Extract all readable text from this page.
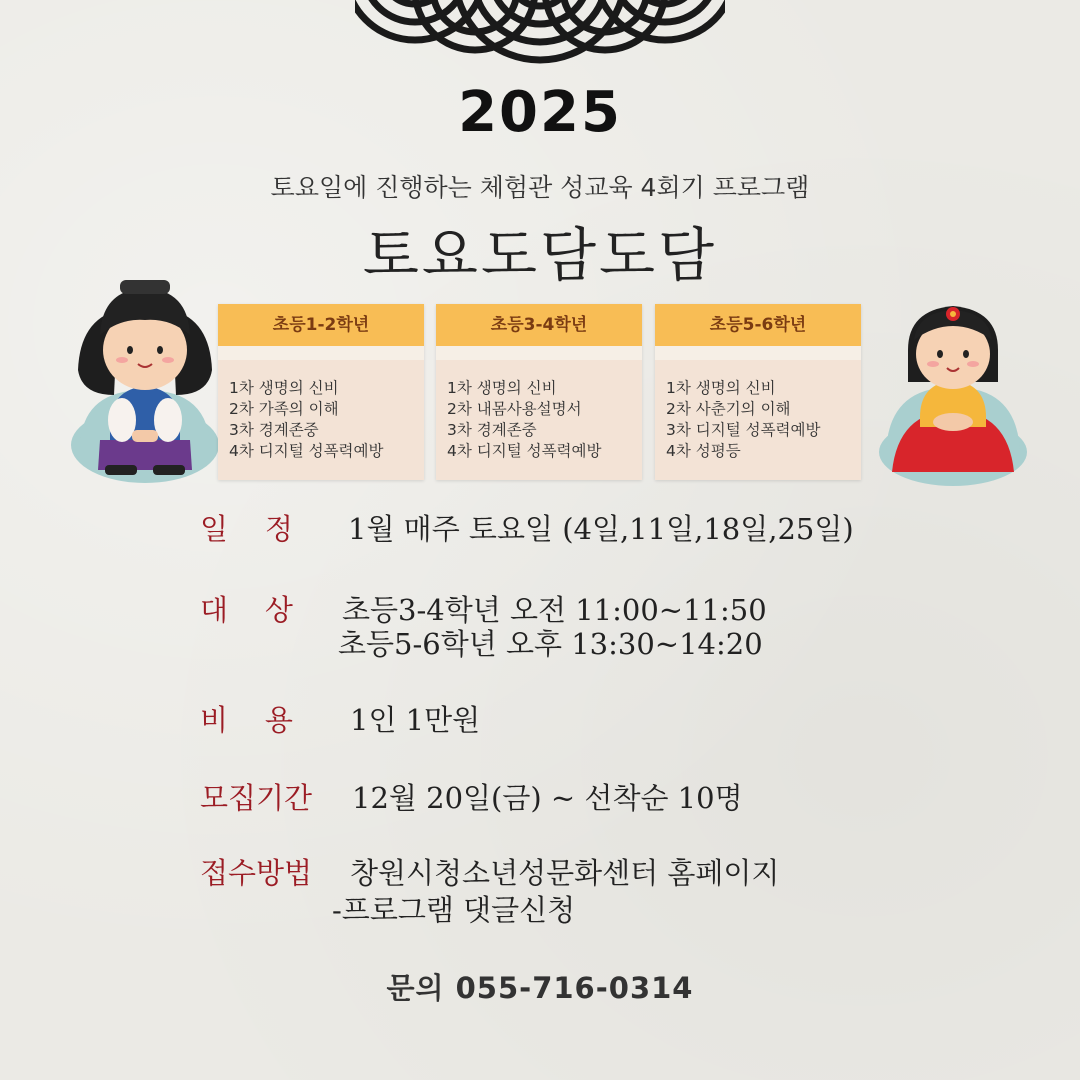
2025
토요일에 진행하는 체험관 성교육 4회기 프로그램
토요도담도담
초등1-2학년
1차 생명의 신비
2차 가족의 이해
3차 경계존중
4차 디지털 성폭력예방
초등3-4학년
1차 생명의 신비
2차 내몸사용설명서
3차 경계존중
4차 디지털 성폭력예방
초등5-6학년
1차 생명의 신비
2차 사춘기의 이해
3차 디지털 성폭력예방
4차 성평등
일    정 1월 매주 토요일 (4일,11일,18일,25일)
대    상 초등3-4학년 오전 11:00~11:50
초등5-6학년 오후 13:30~14:20
비    용 1인 1만원
모집기간 12월 20일(금) ~ 선착순 10명
접수방법 창원시청소년성문화센터 홈페이지
-프로그램 댓글신청
문의 055-716-0314
